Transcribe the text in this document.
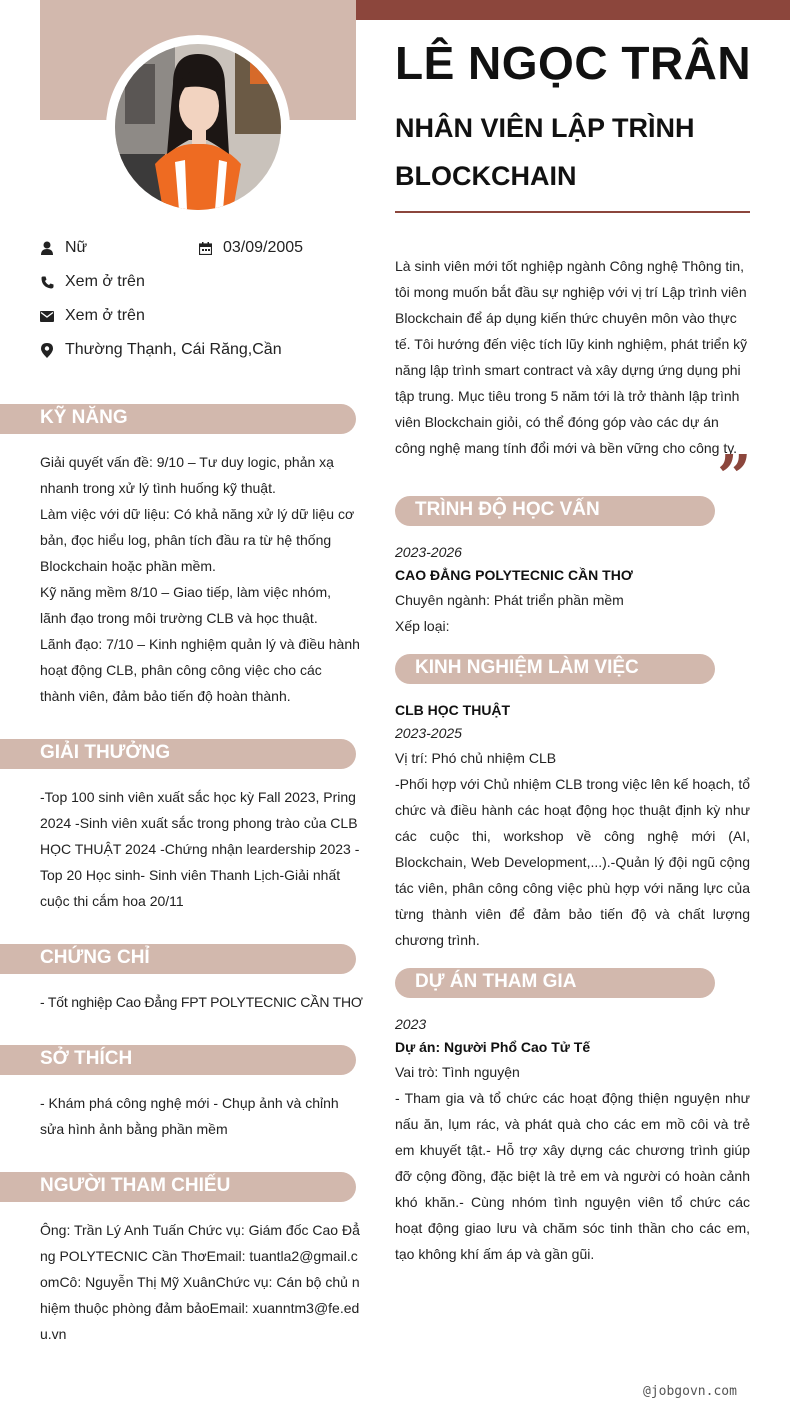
LÊ NGỌC TRÂN
NHÂN VIÊN LẬP TRÌNH BLOCKCHAIN
Nữ	03/09/2005
Xem ở trên
Xem ở trên
Thường Thạnh, Cái Răng,Cần
KỸ NĂNG
Giải quyết vấn đề: 9/10 – Tư duy logic, phản xạ nhanh trong xử lý tình huống kỹ thuật.
Làm việc với dữ liệu: Có khả năng xử lý dữ liệu cơ bản, đọc hiểu log, phân tích đầu ra từ hệ thống Blockchain hoặc phần mềm.
Kỹ năng mềm 8/10 – Giao tiếp, làm việc nhóm, lãnh đạo trong môi trường CLB và học thuật.
Lãnh đạo: 7/10 – Kinh nghiệm quản lý và điều hành hoạt động CLB, phân công công việc cho các thành viên, đảm bảo tiến độ hoàn thành.
GIẢI THƯỞNG
-Top 100 sinh viên xuất sắc học kỳ Fall 2023, Pring 2024 -Sinh viên xuất sắc trong phong trào của CLB HỌC THUẬT 2024 -Chứng nhận leardership 2023 -Top 20 Học sinh- Sinh viên Thanh Lịch-Giải nhất cuộc thi cắm hoa 20/11
CHỨNG CHỈ
- Tốt nghiệp Cao Đẳng FPT POLYTECNIC CẦN THƠ
SỞ THÍCH
- Khám phá công nghệ mới - Chụp ảnh và chỉnh sửa hình ảnh bằng phần mềm
NGƯỜI THAM CHIẾU
Ông: Trần Lý Anh Tuấn Chức vụ: Giám đốc Cao Đẳng POLYTECNIC Cần ThơEmail: tuantla2@gmail.comCô: Nguyễn Thị Mỹ XuânChức vụ: Cán bộ chủ nhiệm thuộc phòng đảm bảoEmail: xuanntm3@fe.edu.vn
Là sinh viên mới tốt nghiệp ngành Công nghệ Thông tin, tôi mong muốn bắt đầu sự nghiệp với vị trí Lập trình viên Blockchain để áp dụng kiến thức chuyên môn vào thực tế. Tôi hướng đến việc tích lũy kinh nghiệm, phát triển kỹ năng lập trình smart contract và xây dựng ứng dụng phi tập trung. Mục tiêu trong 5 năm tới là trở thành lập trình viên Blockchain giỏi, có thể đóng góp vào các dự án công nghệ mang tính đổi mới và bền vững cho công ty.
”
TRÌNH ĐỘ HỌC VẤN
2023-2026
CAO ĐẲNG POLYTECNIC CẦN THƠ
Chuyên ngành: Phát triển phần mềm
Xếp loại:
KINH NGHIỆM LÀM VIỆC
CLB HỌC THUẬT
2023-2025
Vị trí: Phó chủ nhiệm CLB
-Phối hợp với Chủ nhiệm CLB trong việc lên kế hoạch, tổ chức và điều hành các hoạt động học thuật định kỳ như các cuộc thi, workshop về công nghệ mới (AI, Blockchain, Web Development,...).-Quản lý đội ngũ cộng tác viên, phân công công việc phù hợp với năng lực của từng thành viên để đảm bảo tiến độ và chất lượng chương trình.
DỰ ÁN THAM GIA
2023
Dự án: Người Phổ Cao Tử Tế
Vai trò: Tình nguyện
- Tham gia và tổ chức các hoạt động thiện nguyện như nấu ăn, lụm rác, và phát quà cho các em mồ côi và trẻ em khuyết tật.- Hỗ trợ xây dựng các chương trình giúp đỡ cộng đồng, đặc biệt là trẻ em và người có hoàn cảnh khó khăn.- Cùng nhóm tình nguyện viên tổ chức các hoạt động giao lưu và chăm sóc tinh thần cho các em, tạo không khí ấm áp và gần gũi.
@jobgovn.com
